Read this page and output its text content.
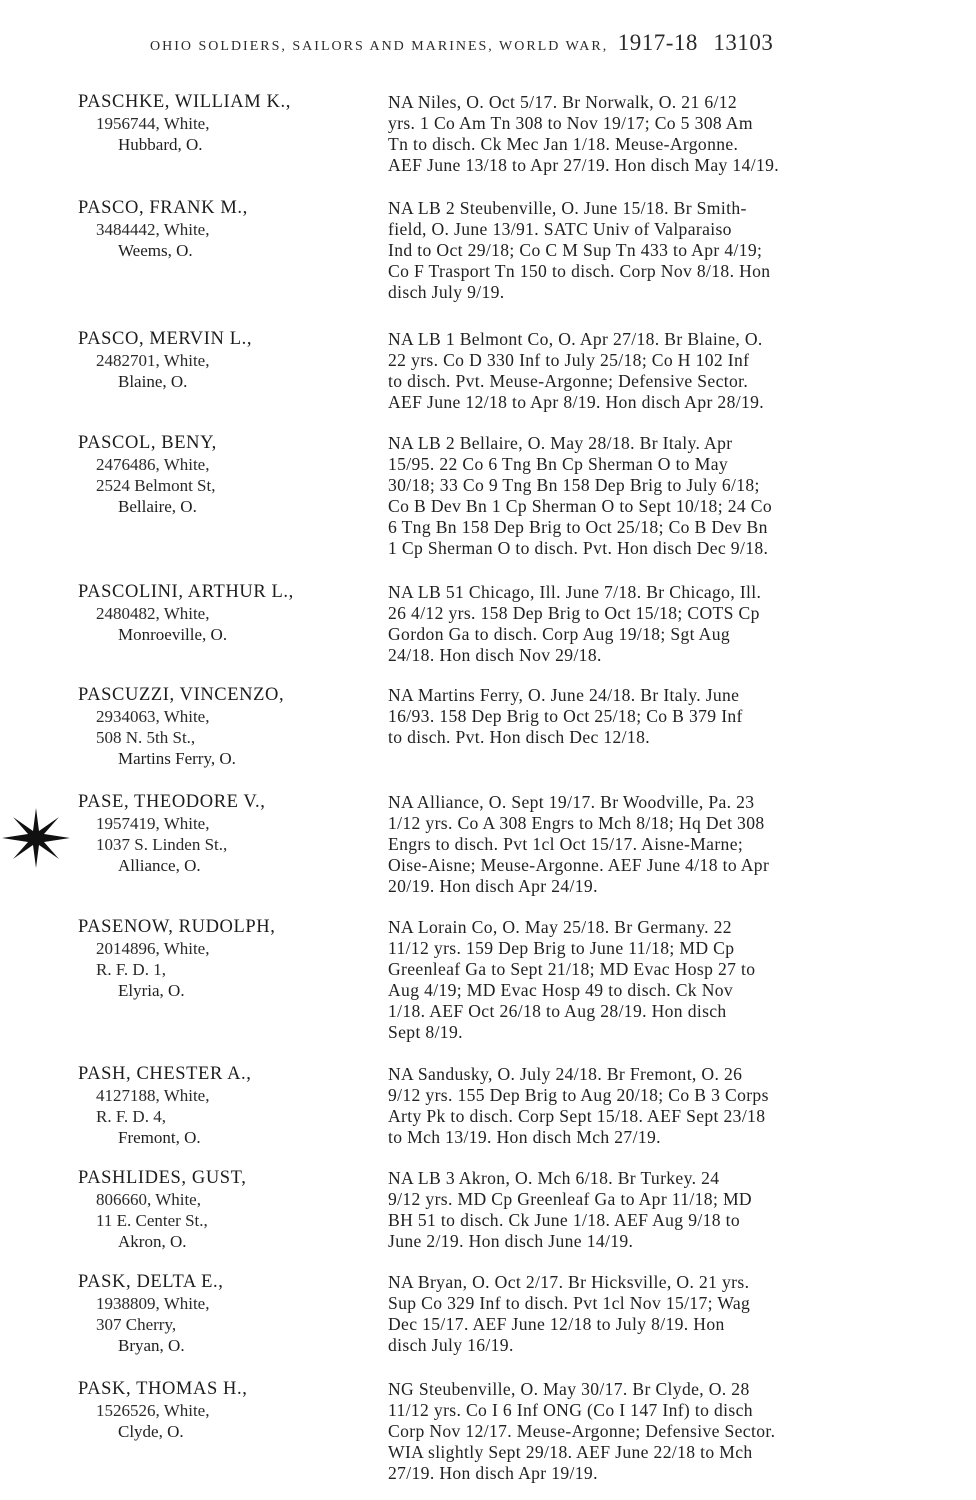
OHIO SOLDIERS, SAILORS AND MARINES, WORLD WAR, 1917-18 13103
PASCHKE, WILLIAM K.,
1956744, White,
Hubbard, O.
NA Niles, O. Oct 5/17. Br Norwalk, O. 21 6/12
yrs. 1 Co Am Tn 308 to Nov 19/17; Co 5 308 Am
Tn to disch. Ck Mec Jan 1/18. Meuse-Argonne.
AEF June 13/18 to Apr 27/19. Hon disch May 14/19.
PASCO, FRANK M.,
3484442, White,
Weems, O.
NA LB 2 Steubenville, O. June 15/18. Br Smith-
field, O. June 13/91. SATC Univ of Valparaiso
Ind to Oct 29/18; Co C M Sup Tn 433 to Apr 4/19;
Co F Trasport Tn 150 to disch. Corp Nov 8/18. Hon
disch July 9/19.
PASCO, MERVIN L.,
2482701, White,
Blaine, O.
NA LB 1 Belmont Co, O. Apr 27/18. Br Blaine, O.
22 yrs. Co D 330 Inf to July 25/18; Co H 102 Inf
to disch. Pvt. Meuse-Argonne; Defensive Sector.
AEF June 12/18 to Apr 8/19. Hon disch Apr 28/19.
PASCOL, BENY,
2476486, White,
2524 Belmont St,
Bellaire, O.
NA LB 2 Bellaire, O. May 28/18. Br Italy. Apr
15/95. 22 Co 6 Tng Bn Cp Sherman O to May
30/18; 33 Co 9 Tng Bn 158 Dep Brig to July 6/18;
Co B Dev Bn 1 Cp Sherman O to Sept 10/18; 24 Co
6 Tng Bn 158 Dep Brig to Oct 25/18; Co B Dev Bn
1 Cp Sherman O to disch. Pvt. Hon disch Dec 9/18.
PASCOLINI, ARTHUR L.,
2480482, White,
Monroeville, O.
NA LB 51 Chicago, Ill. June 7/18. Br Chicago, Ill.
26 4/12 yrs. 158 Dep Brig to Oct 15/18; COTS Cp
Gordon Ga to disch. Corp Aug 19/18; Sgt Aug
24/18. Hon disch Nov 29/18.
PASCUZZI, VINCENZO,
2934063, White,
508 N. 5th St.,
Martins Ferry, O.
NA Martins Ferry, O. June 24/18. Br Italy. June
16/93. 158 Dep Brig to Oct 25/18; Co B 379 Inf
to disch. Pvt. Hon disch Dec 12/18.
PASE, THEODORE V.,
1957419, White,
1037 S. Linden St.,
Alliance, O.
NA Alliance, O. Sept 19/17. Br Woodville, Pa. 23
1/12 yrs. Co A 308 Engrs to Mch 8/18; Hq Det 308
Engrs to disch. Pvt 1cl Oct 15/17. Aisne-Marne;
Oise-Aisne; Meuse-Argonne. AEF June 4/18 to Apr
20/19. Hon disch Apr 24/19.
PASENOW, RUDOLPH,
2014896, White,
R. F. D. 1,
Elyria, O.
NA Lorain Co, O. May 25/18. Br Germany. 22
11/12 yrs. 159 Dep Brig to June 11/18; MD Cp
Greenleaf Ga to Sept 21/18; MD Evac Hosp 27 to
Aug 4/19; MD Evac Hosp 49 to disch. Ck Nov
1/18. AEF Oct 26/18 to Aug 28/19. Hon disch
Sept 8/19.
PASH, CHESTER A.,
4127188, White,
R. F. D. 4,
Fremont, O.
NA Sandusky, O. July 24/18. Br Fremont, O. 26
9/12 yrs. 155 Dep Brig to Aug 20/18; Co B 3 Corps
Arty Pk to disch. Corp Sept 15/18. AEF Sept 23/18
to Mch 13/19. Hon disch Mch 27/19.
PASHLIDES, GUST,
806660, White,
11 E. Center St.,
Akron, O.
NA LB 3 Akron, O. Mch 6/18. Br Turkey. 24
9/12 yrs. MD Cp Greenleaf Ga to Apr 11/18; MD
BH 51 to disch. Ck June 1/18. AEF Aug 9/18 to
June 2/19. Hon disch June 14/19.
PASK, DELTA E.,
1938809, White,
307 Cherry,
Bryan, O.
NA Bryan, O. Oct 2/17. Br Hicksville, O. 21 yrs.
Sup Co 329 Inf to disch. Pvt 1cl Nov 15/17; Wag
Dec 15/17. AEF June 12/18 to July 8/19. Hon
disch July 16/19.
PASK, THOMAS H.,
1526526, White,
Clyde, O.
NG Steubenville, O. May 30/17. Br Clyde, O. 28
11/12 yrs. Co I 6 Inf ONG (Co I 147 Inf) to disch
Corp Nov 12/17. Meuse-Argonne; Defensive Sector.
WIA slightly Sept 29/18. AEF June 22/18 to Mch
27/19. Hon disch Apr 19/19.
